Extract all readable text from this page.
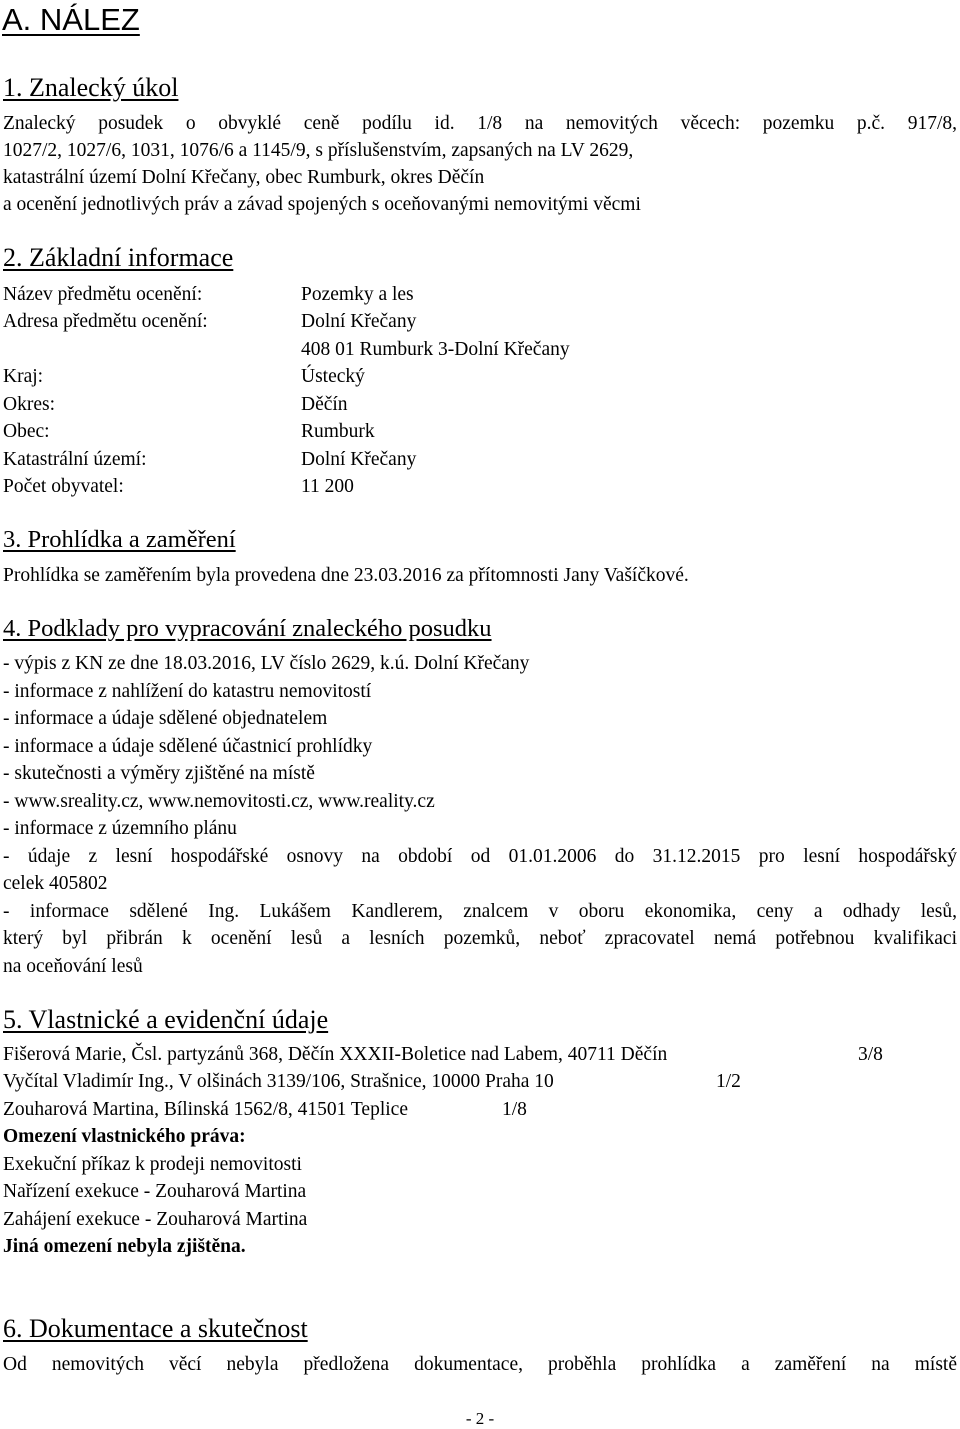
A. NÁLEZ
1. Znalecký úkol
Znalecký posudek o obvyklé ceně podílu id. 1/8 na nemovitých věcech: pozemku p.č. 917/8,
1027/2, 1027/6, 1031, 1076/6 a 1145/9, s příslušenstvím, zapsaných na LV 2629,
katastrální území Dolní Křečany, obec Rumburk, okres Děčín
a ocenění jednotlivých práv a závad spojených s oceňovanými nemovitými věcmi
2. Základní informace
Název předmětu ocenění:	Pozemky a les
Adresa předmětu ocenění:	Dolní Křečany
408 01 Rumburk 3-Dolní Křečany
Kraj:	Ústecký
Okres:	Děčín
Obec:	Rumburk
Katastrální území:	Dolní Křečany
Počet obyvatel:	11 200
3. Prohlídka a zaměření
Prohlídka se zaměřením byla provedena dne 23.03.2016 za přítomnosti Jany Vašíčkové.
4. Podklady pro vypracování znaleckého posudku
- výpis z KN ze dne 18.03.2016, LV číslo 2629, k.ú. Dolní Křečany
- informace z nahlížení do katastru nemovitostí
- informace a údaje sdělené objednatelem
- informace a údaje sdělené účastnicí prohlídky
- skutečnosti a výměry zjištěné na místě
- www.sreality.cz, www.nemovitosti.cz, www.reality.cz
- informace z územního plánu
- údaje z lesní hospodářské osnovy na období od 01.01.2006 do 31.12.2015 pro lesní hospodářský
celek 405802
- informace sdělené Ing. Lukášem Kandlerem, znalcem v oboru ekonomika, ceny a odhady lesů,
který byl přibrán k ocenění lesů a lesních pozemků, neboť zpracovatel nemá potřebnou kvalifikaci
na oceňování lesů
5. Vlastnické a evidenční údaje
Fišerová Marie, Čsl. partyzánů 368, Děčín XXXII-Boletice nad Labem, 40711 Děčín	3/8
Vyčítal Vladimír Ing., V olšinách 3139/106, Strašnice, 10000 Praha 10	1/2
Zouharová Martina, Bílinská 1562/8, 41501 Teplice	1/8
Omezení vlastnického práva:
Exekuční příkaz k prodeji nemovitosti
Nařízení exekuce - Zouharová Martina
Zahájení exekuce - Zouharová Martina
Jiná omezení nebyla zjištěna.
6. Dokumentace a skutečnost
Od nemovitých věcí nebyla předložena dokumentace, proběhla prohlídka a zaměření na místě
- 2 -
